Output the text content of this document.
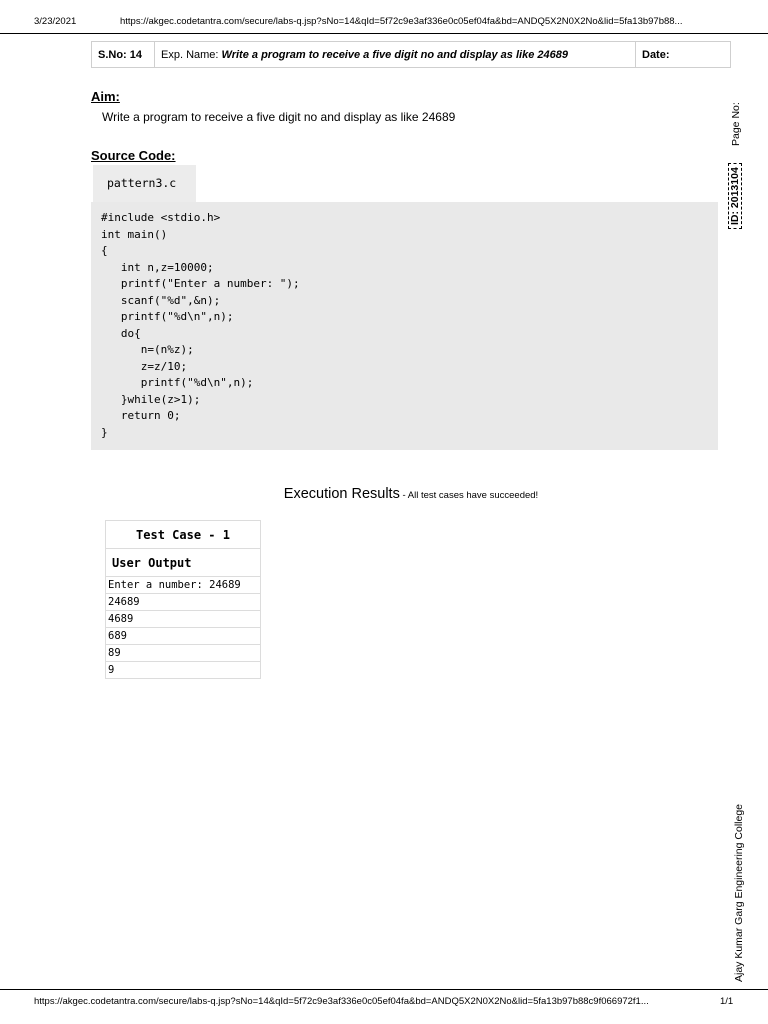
3/23/2021	https://akgec.codetantra.com/secure/labs-q.jsp?sNo=14&qId=5f72c9e3af336e0c05ef04fa&bd=ANDQ5X2N0X2No&lid=5fa13b97b88...
S.No: 14	Exp. Name: Write a program to receive a five digit no and display as like 24689	Date:
Aim:
Write a program to receive a five digit no and display as like 24689
Source Code:
pattern3.c
#include <stdio.h>
int main()
{
int n,z=10000;
printf("Enter a number: ");
scanf("%d",&n);
printf("%d\n",n);
do{
n=(n%z);
z=z/10;
printf("%d\n",n);
}while(z>1);
return 0;
}
Execution Results - All test cases have succeeded!
Test Case - 1
User Output
Enter a number: 24689
24689
4689
689
89
9
Page No:
ID: 2013104
Ajay Kumar Garg Engineering College
https://akgec.codetantra.com/secure/labs-q.jsp?sNo=14&qId=5f72c9e3af336e0c05ef04fa&bd=ANDQ5X2N0X2No&lid=5fa13b97b88c9f066972f1...	1/1
